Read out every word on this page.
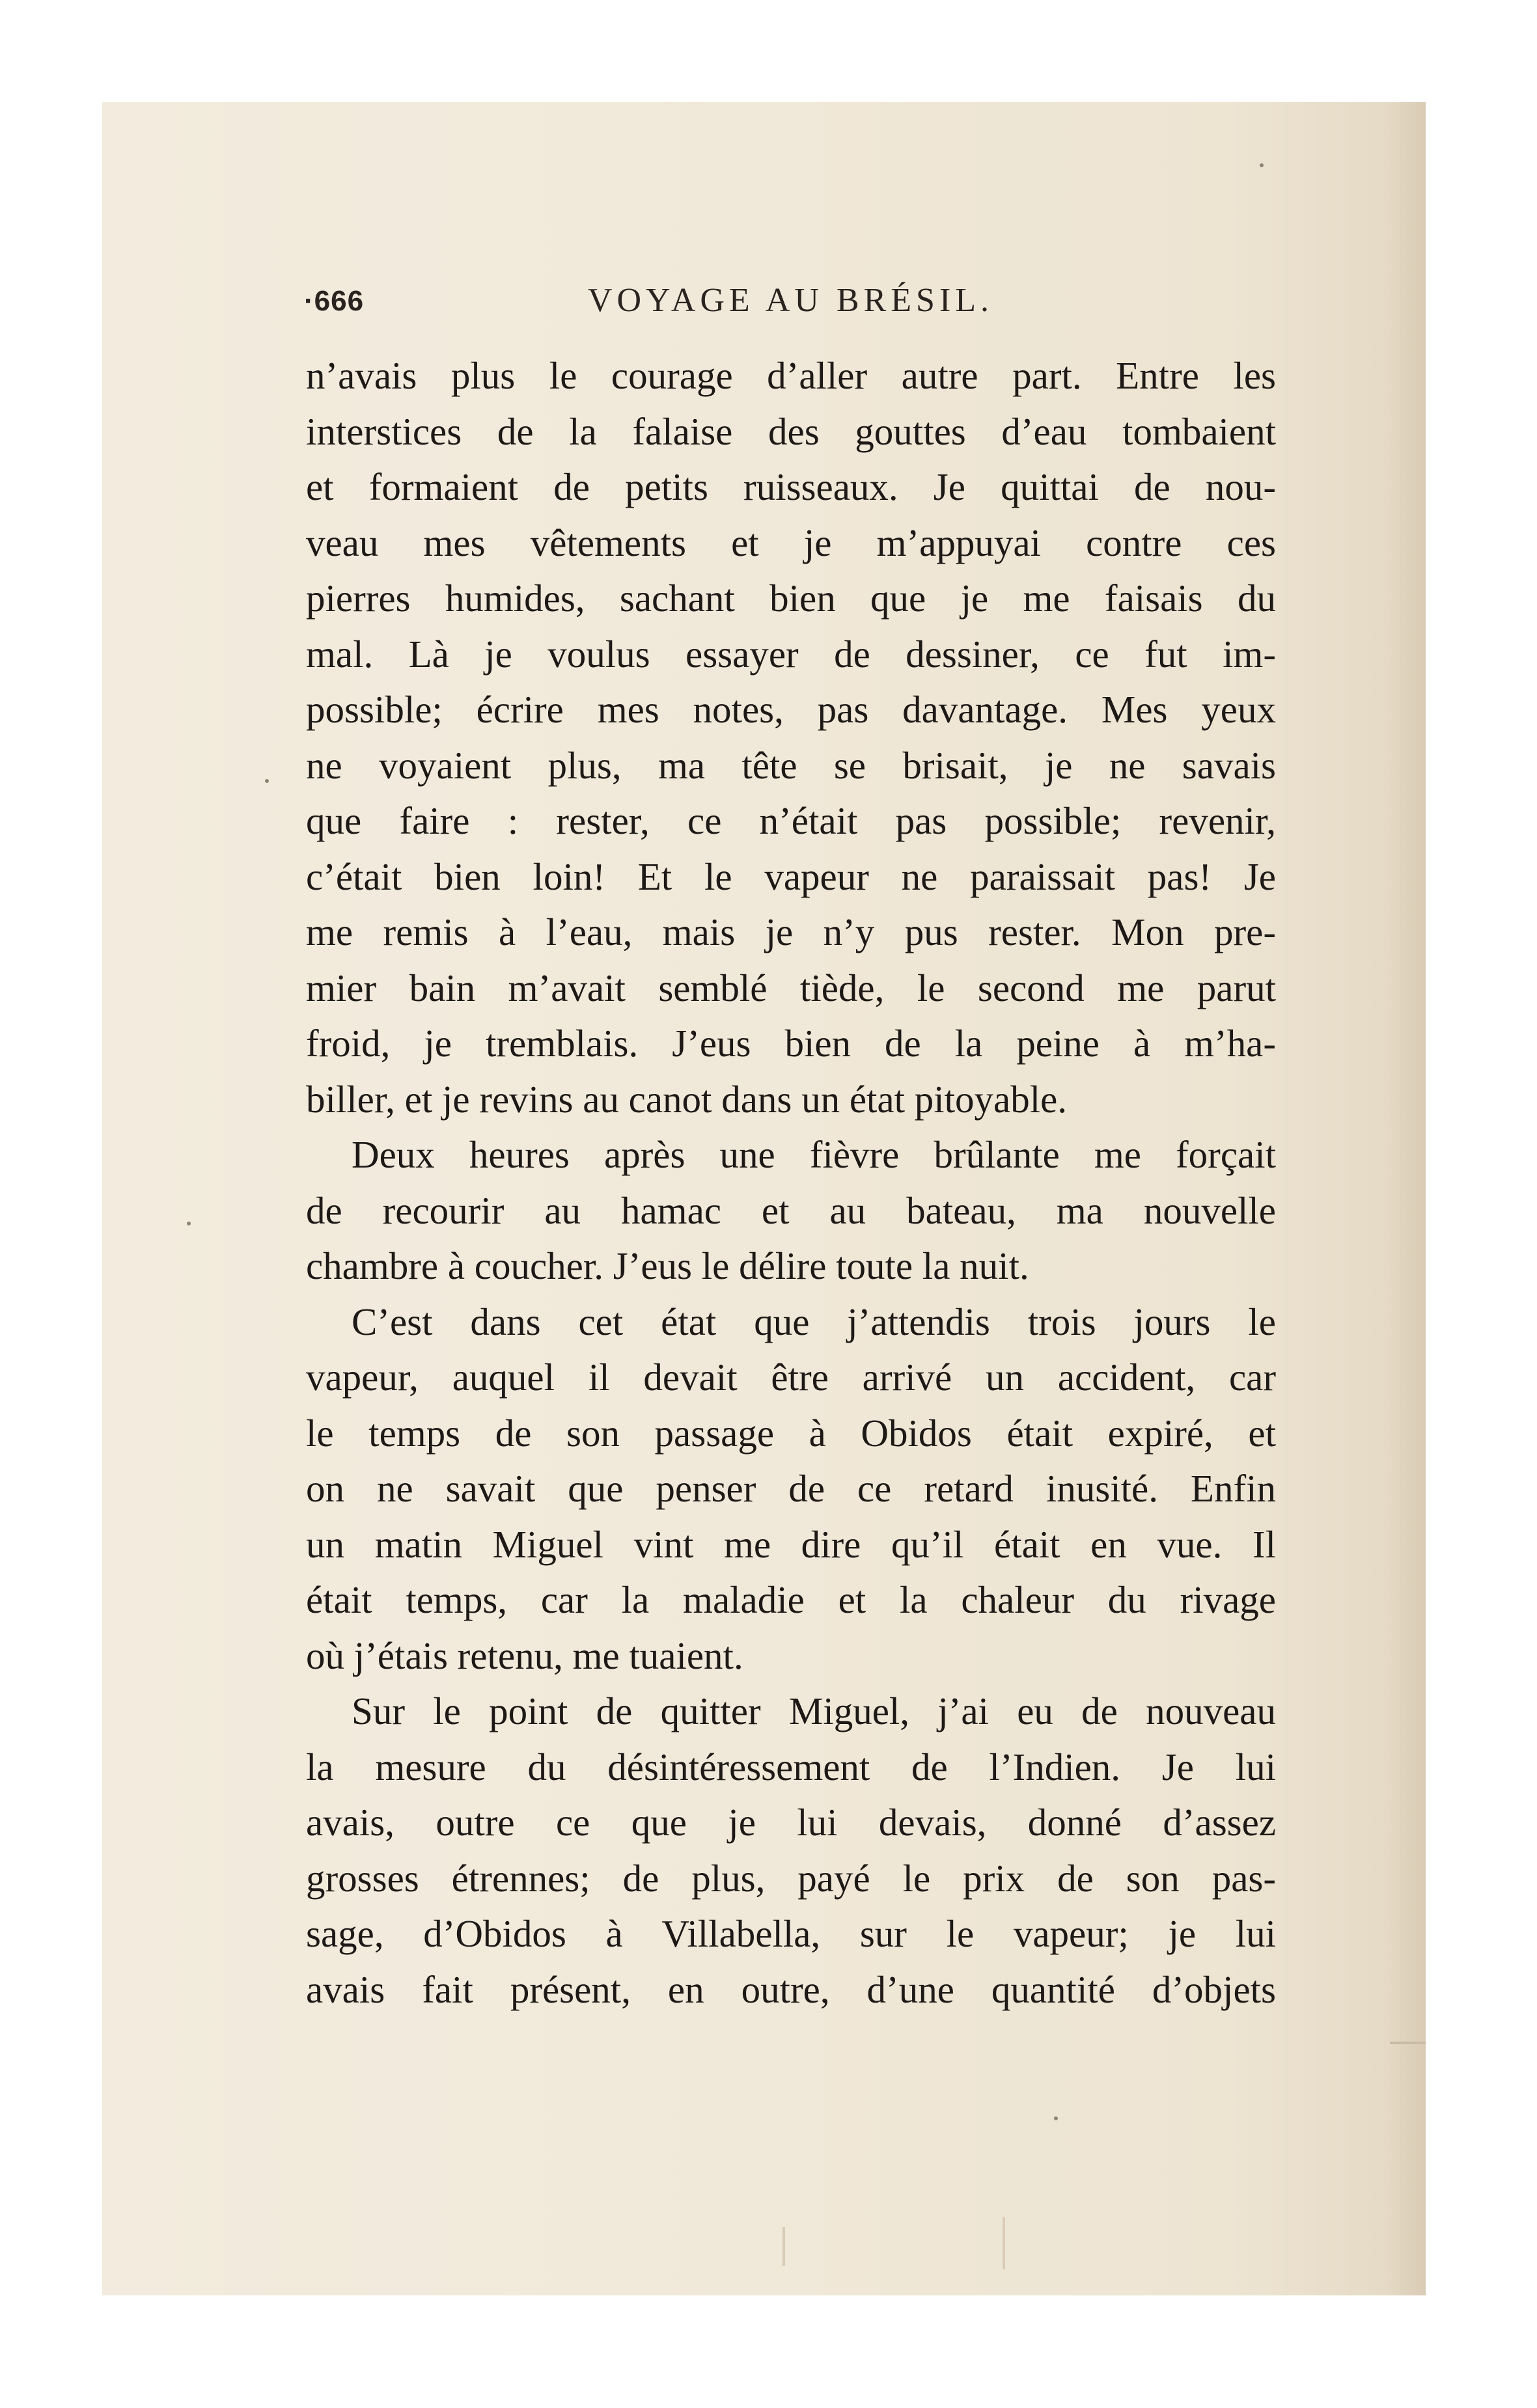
·666	VOYAGE AU BRÉSIL.
n’avais plus le courage d’aller autre part. Entre les
interstices de la falaise des gouttes d’eau tombaient
et formaient de petits ruisseaux. Je quittai de nou-
veau mes vêtements et je m’appuyai contre ces
pierres humides, sachant bien que je me faisais du
mal. Là je voulus essayer de dessiner, ce fut im-
possible; écrire mes notes, pas davantage. Mes yeux
ne voyaient plus, ma tête se brisait, je ne savais
que faire : rester, ce n’était pas possible; revenir,
c’était bien loin! Et le vapeur ne paraissait pas! Je
me remis à l’eau, mais je n’y pus rester. Mon pre-
mier bain m’avait semblé tiède, le second me parut
froid, je tremblais. J’eus bien de la peine à m’ha-
biller, et je revins au canot dans un état pitoyable.
Deux heures après une fièvre brûlante me forçait
de recourir au hamac et au bateau, ma nouvelle
chambre à coucher. J’eus le délire toute la nuit.
C’est dans cet état que j’attendis trois jours le
vapeur, auquel il devait être arrivé un accident, car
le temps de son passage à Obidos était expiré, et
on ne savait que penser de ce retard inusité. Enfin
un matin Miguel vint me dire qu’il était en vue. Il
était temps, car la maladie et la chaleur du rivage
où j’étais retenu, me tuaient.
Sur le point de quitter Miguel, j’ai eu de nouveau
la mesure du désintéressement de l’Indien. Je lui
avais, outre ce que je lui devais, donné d’assez
grosses étrennes; de plus, payé le prix de son pas-
sage, d’Obidos à Villabella, sur le vapeur; je lui
avais fait présent, en outre, d’une quantité d’objets
